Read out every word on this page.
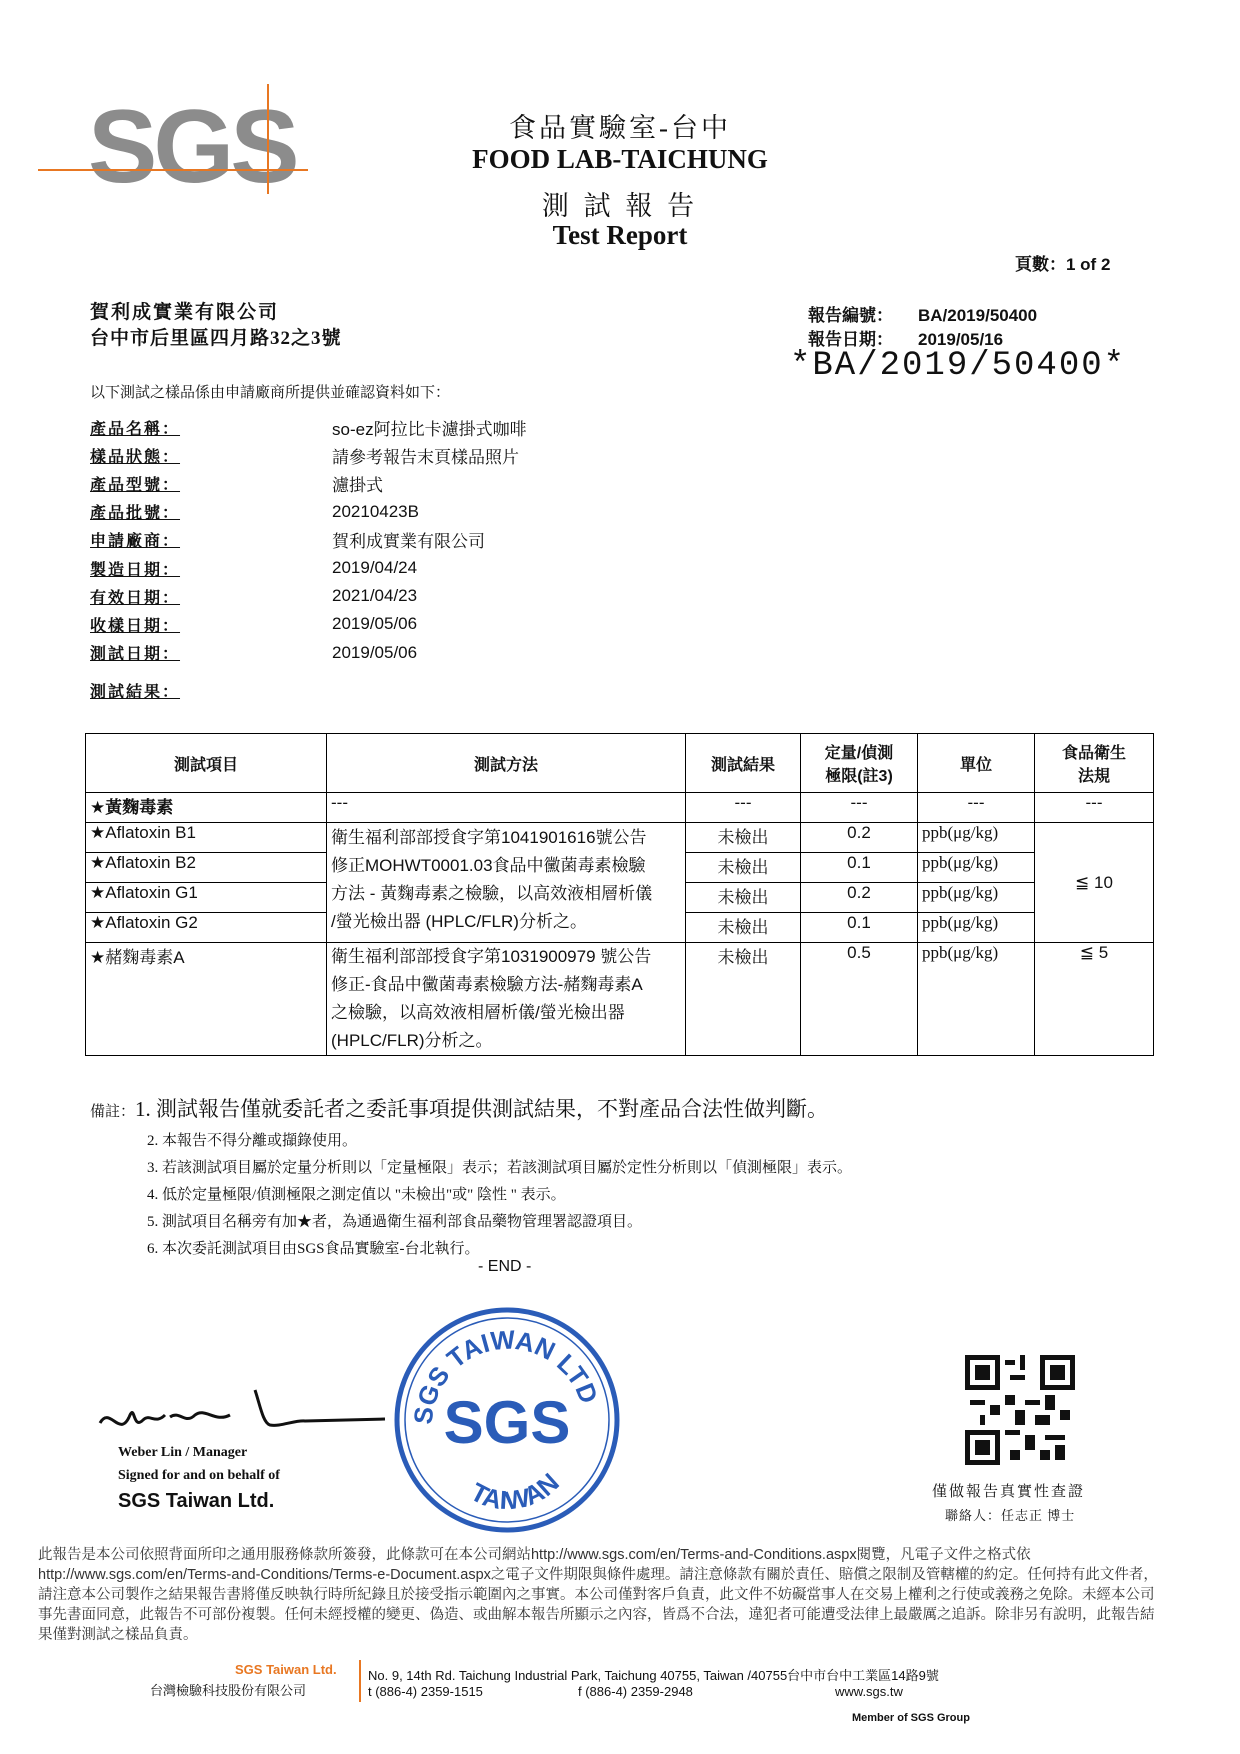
SGS	食品實驗室-台中
FOOD LAB-TAICHUNG
測 試 報 告
Test Report
頁數：1 of 2
賀利成實業有限公司
台中市后里區四月路32之3號
報告編號： BA/2019/50400
報告日期： 2019/05/16
*BA/2019/50400*
以下測試之樣品係由申請廠商所提供並確認資料如下：
產品名稱：	so-ez阿拉比卡濾掛式咖啡
樣品狀態：	請參考報告末頁樣品照片
產品型號：	濾掛式
產品批號：	20210423B
申請廠商：	賀利成實業有限公司
製造日期：	2019/04/24
有效日期：	2021/04/23
收樣日期：	2019/05/06
測試日期：	2019/05/06
測試結果：
測試項目	測試方法	測試結果	定量/偵測
極限(註3)	單位	食品衛生
法規
★黃麴毒素	---	---	---	---	---
★Aflatoxin B1	衛生福利部部授食字第1041901616號公告
修正MOHWT0001.03食品中黴菌毒素檢驗
方法 - 黃麴毒素之檢驗，以高效液相層析儀
/螢光檢出器 (HPLC/FLR)分析之。	未檢出	0.2	ppb(μg/kg)	≦ 10
★Aflatoxin B2		未檢出	0.1	ppb(μg/kg)	
★Aflatoxin G1		未檢出	0.2	ppb(μg/kg)	
★Aflatoxin G2		未檢出	0.1	ppb(μg/kg)	
★赭麴毒素A	衛生福利部部授食字第1031900979 號公告
修正-食品中黴菌毒素檢驗方法-赭麴毒素A
之檢驗，以高效液相層析儀/螢光檢出器
(HPLC/FLR)分析之。	未檢出	0.5	ppb(μg/kg)	≦ 5
備註：1. 測試報告僅就委託者之委託事項提供測試結果，不對產品合法性做判斷。
2. 本報告不得分離或擷錄使用。
3. 若該測試項目屬於定量分析則以「定量極限」表示；若該測試項目屬於定性分析則以「偵測極限」表示。
4. 低於定量極限/偵測極限之測定值以 "未檢出"或" 陰性 " 表示。
5. 測試項目名稱旁有加★者，為通過衛生福利部食品藥物管理署認證項目。
6. 本次委託測試項目由SGS食品實驗室-台北執行。
- END -
Weber Lin / Manager
Signed for and on behalf of
SGS Taiwan Ltd.
SGS TAIWAN LTD
SGS
TAIWAN	僅做報告真實性查證
聯絡人：任志正 博士
此報告是本公司依照背面所印之通用服務條款所簽發，此條款可在本公司網站http://www.sgs.com/en/Terms-and-Conditions.aspx閱覽，凡電子文件之格式依http://www.sgs.com/en/Terms-and-Conditions/Terms-e-Document.aspx之電子文件期限與條件處理。請注意條款有關於責任、賠償之限制及管轄權的約定。任何持有此文件者，請注意本公司製作之結果報告書將僅反映執行時所紀錄且於接受指示範圍內之事實。本公司僅對客戶負責，此文件不妨礙當事人在交易上權利之行使或義務之免除。未經本公司事先書面同意，此報告不可部份複製。任何未經授權的變更、偽造、或曲解本報告所顯示之內容，皆爲不合法，違犯者可能遭受法律上最嚴厲之追訴。除非另有說明，此報告結果僅對測試之樣品負責。
SGS Taiwan Ltd.
台灣檢驗科技股份有限公司
No. 9, 14th Rd. Taichung Industrial Park, Taichung 40755, Taiwan /40755台中市台中工業區14路9號
t (886-4) 2359-1515	f (886-4) 2359-2948	www.sgs.tw
Member of SGS Group
